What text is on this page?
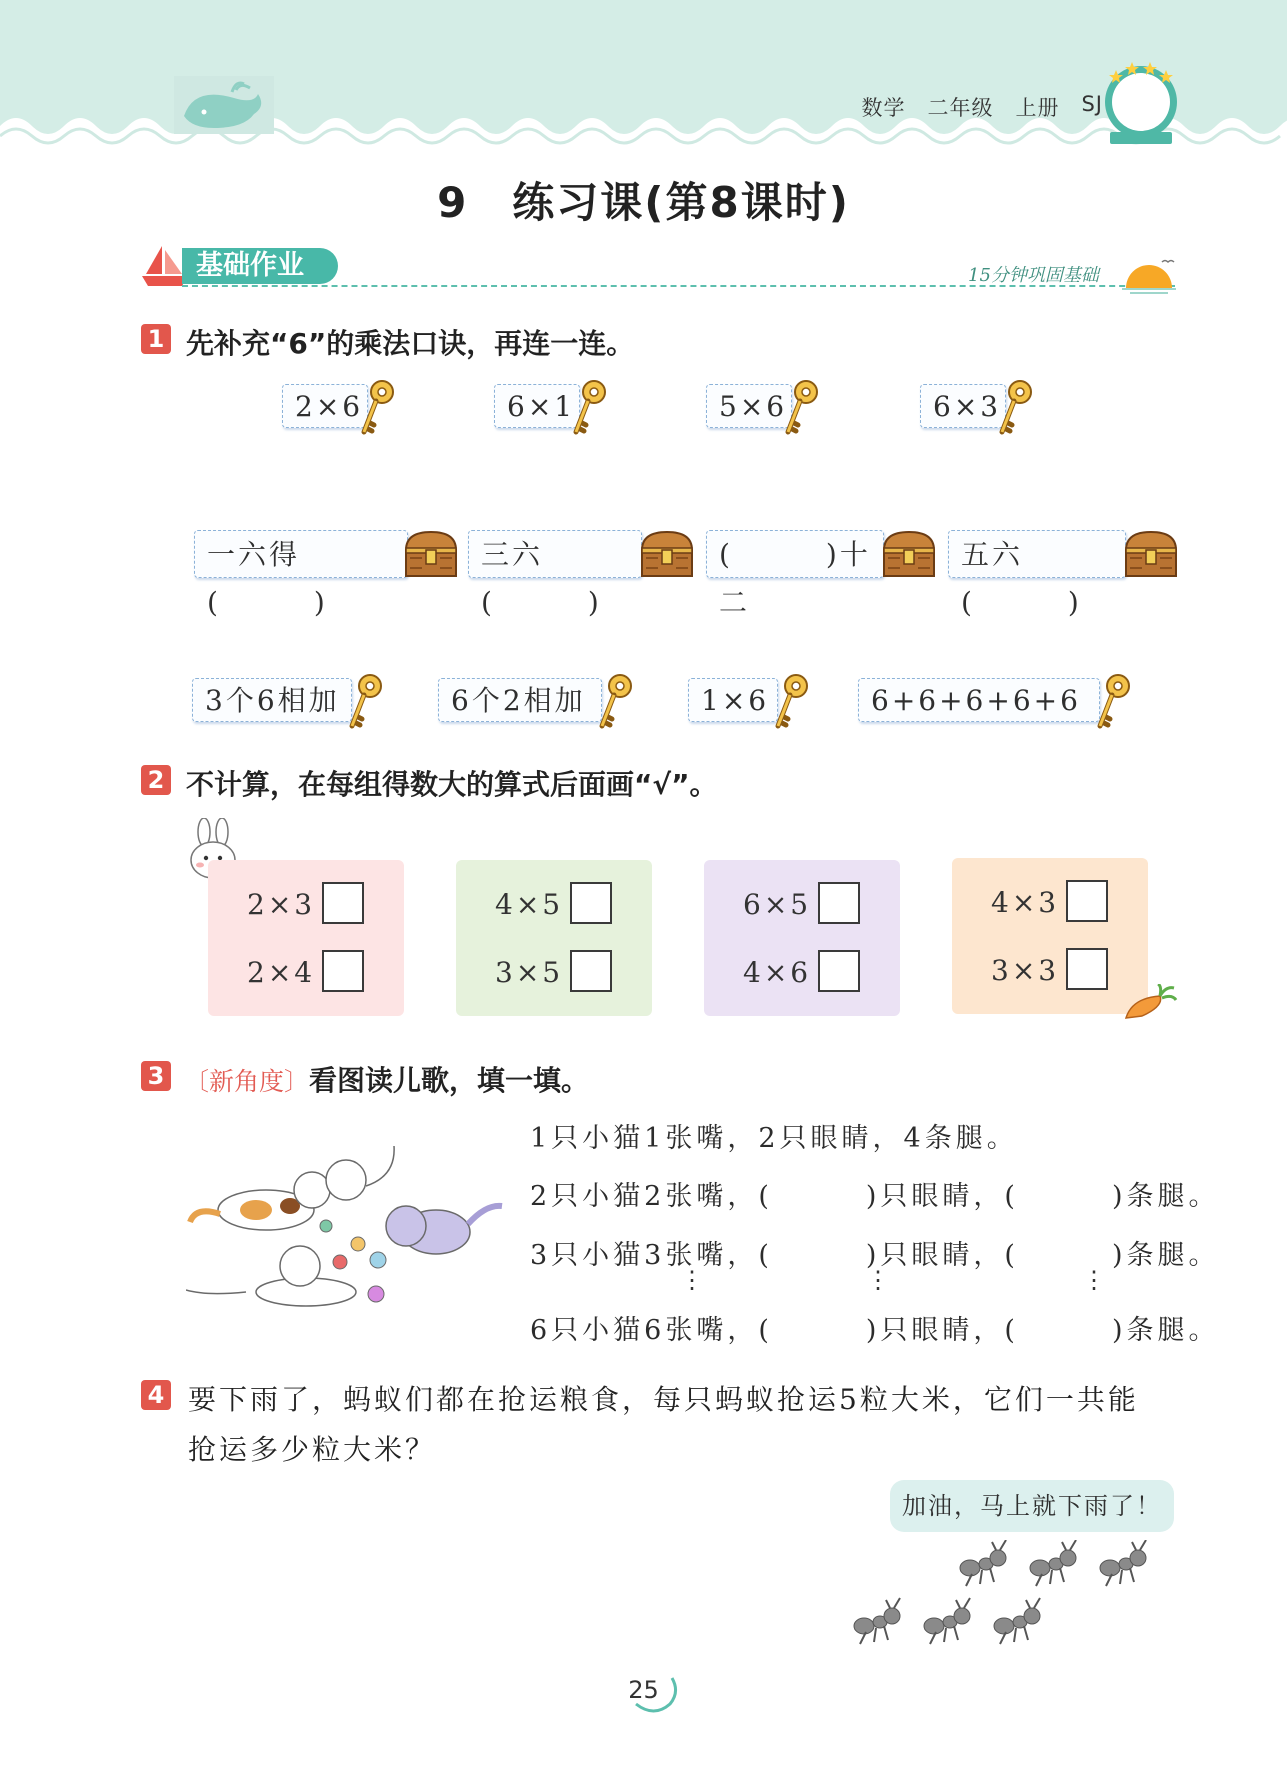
数学 二年级 上册 SJ
9　练习课(第8课时)
基础作业	15分钟巩固基础
1 先补充“6”的乘法口诀，再连一连。
2×6	6×1	5×6	6×3
一六得(　　　)
三六(　　　)
(　　　)十二
五六(　　　)
3个6相加	6个2相加	1×6	6+6+6+6+6
2 不计算，在每组得数大的算式后面画“√”。
2×3
2×4
4×5
3×5
6×5
4×6
4×3
3×3
3 〔新角度〕看图读儿歌，填一填。
1只小猫1张嘴，2只眼睛，4条腿。
2只小猫2张嘴，(　　　)只眼睛，(　　　)条腿。
3只小猫3张嘴，(　　　)只眼睛，(　　　)条腿。
⋮	⋮	⋮
6只小猫6张嘴，(　　　)只眼睛，(　　　)条腿。
4 要下雨了，蚂蚁们都在抢运粮食，每只蚂蚁抢运5粒大米，它们一共能
抢运多少粒大米？
加油，马上就下雨了！
25
